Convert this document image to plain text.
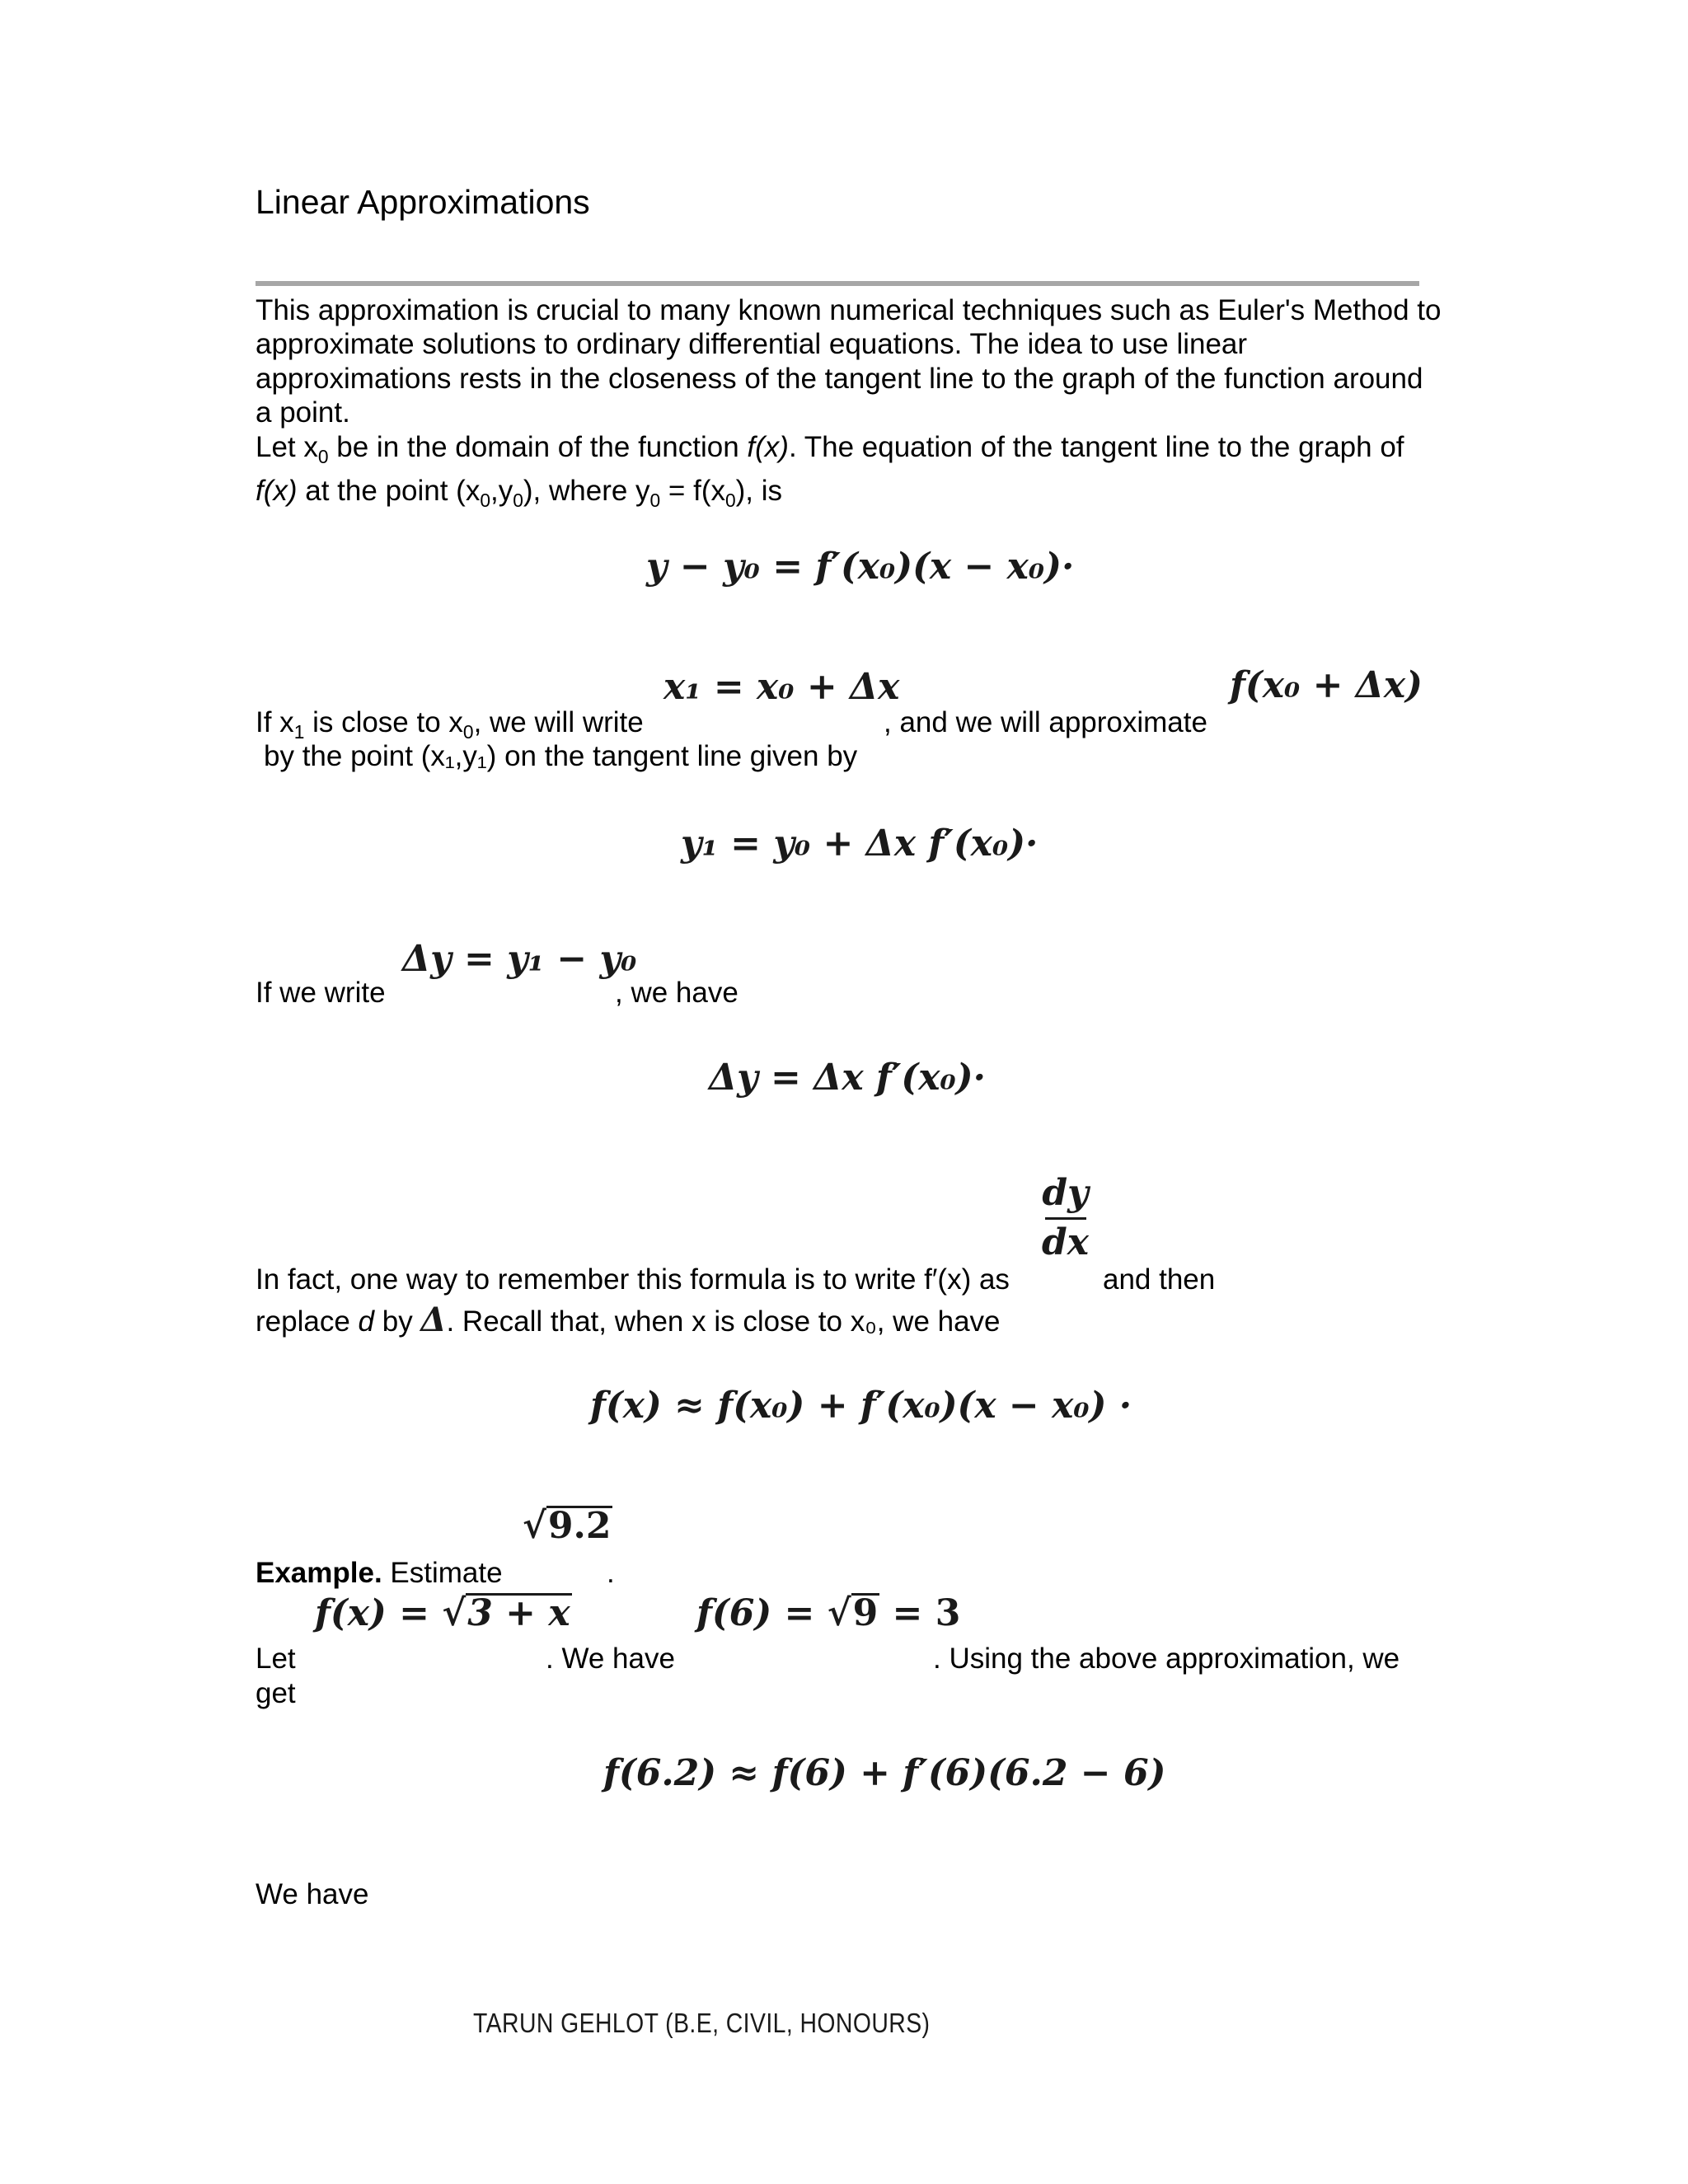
Linear Approximations
This approximation is crucial to many known numerical techniques such as Euler's Method to approximate solutions to ordinary differential equations. The idea to use linear approximations rests in the closeness of the tangent line to the graph of the function around a point.
Let $x_0$ be in the domain of the function f(x). The equation of the tangent line to the graph of f(x) at the point $(x_0,y_0)$, where $y_0 = f(x_0)$, is
y − y₀ = f′(x₀)(x − x₀)·
x₁ = x₀ + Δx	f(x₀ + Δx)
If $x_1$ is close to $x_0$, we will write	, and we will approximate
by the point (x₁,y₁) on the tangent line given by
y₁ = y₀ + Δx f′(x₀)·
Δy = y₁ − y₀
If we write	, we have
Δy = Δx f′(x₀)·
dy
dx
In fact, one way to remember this formula is to write f′(x) as	and then
replace d by Δ. Recall that, when x is close to x₀, we have
f(x) ≈ f(x₀) + f′(x₀)(x − x₀) ·
√9.2
Example. Estimate	.
f(x) = √3 + x	f(6) = √9 = 3
Let	. We have	. Using the above approximation, we
get
f(6.2) ≈ f(6) + f′(6)(6.2 − 6)
We have
TARUN GEHLOT (B.E, CIVIL, HONOURS)
